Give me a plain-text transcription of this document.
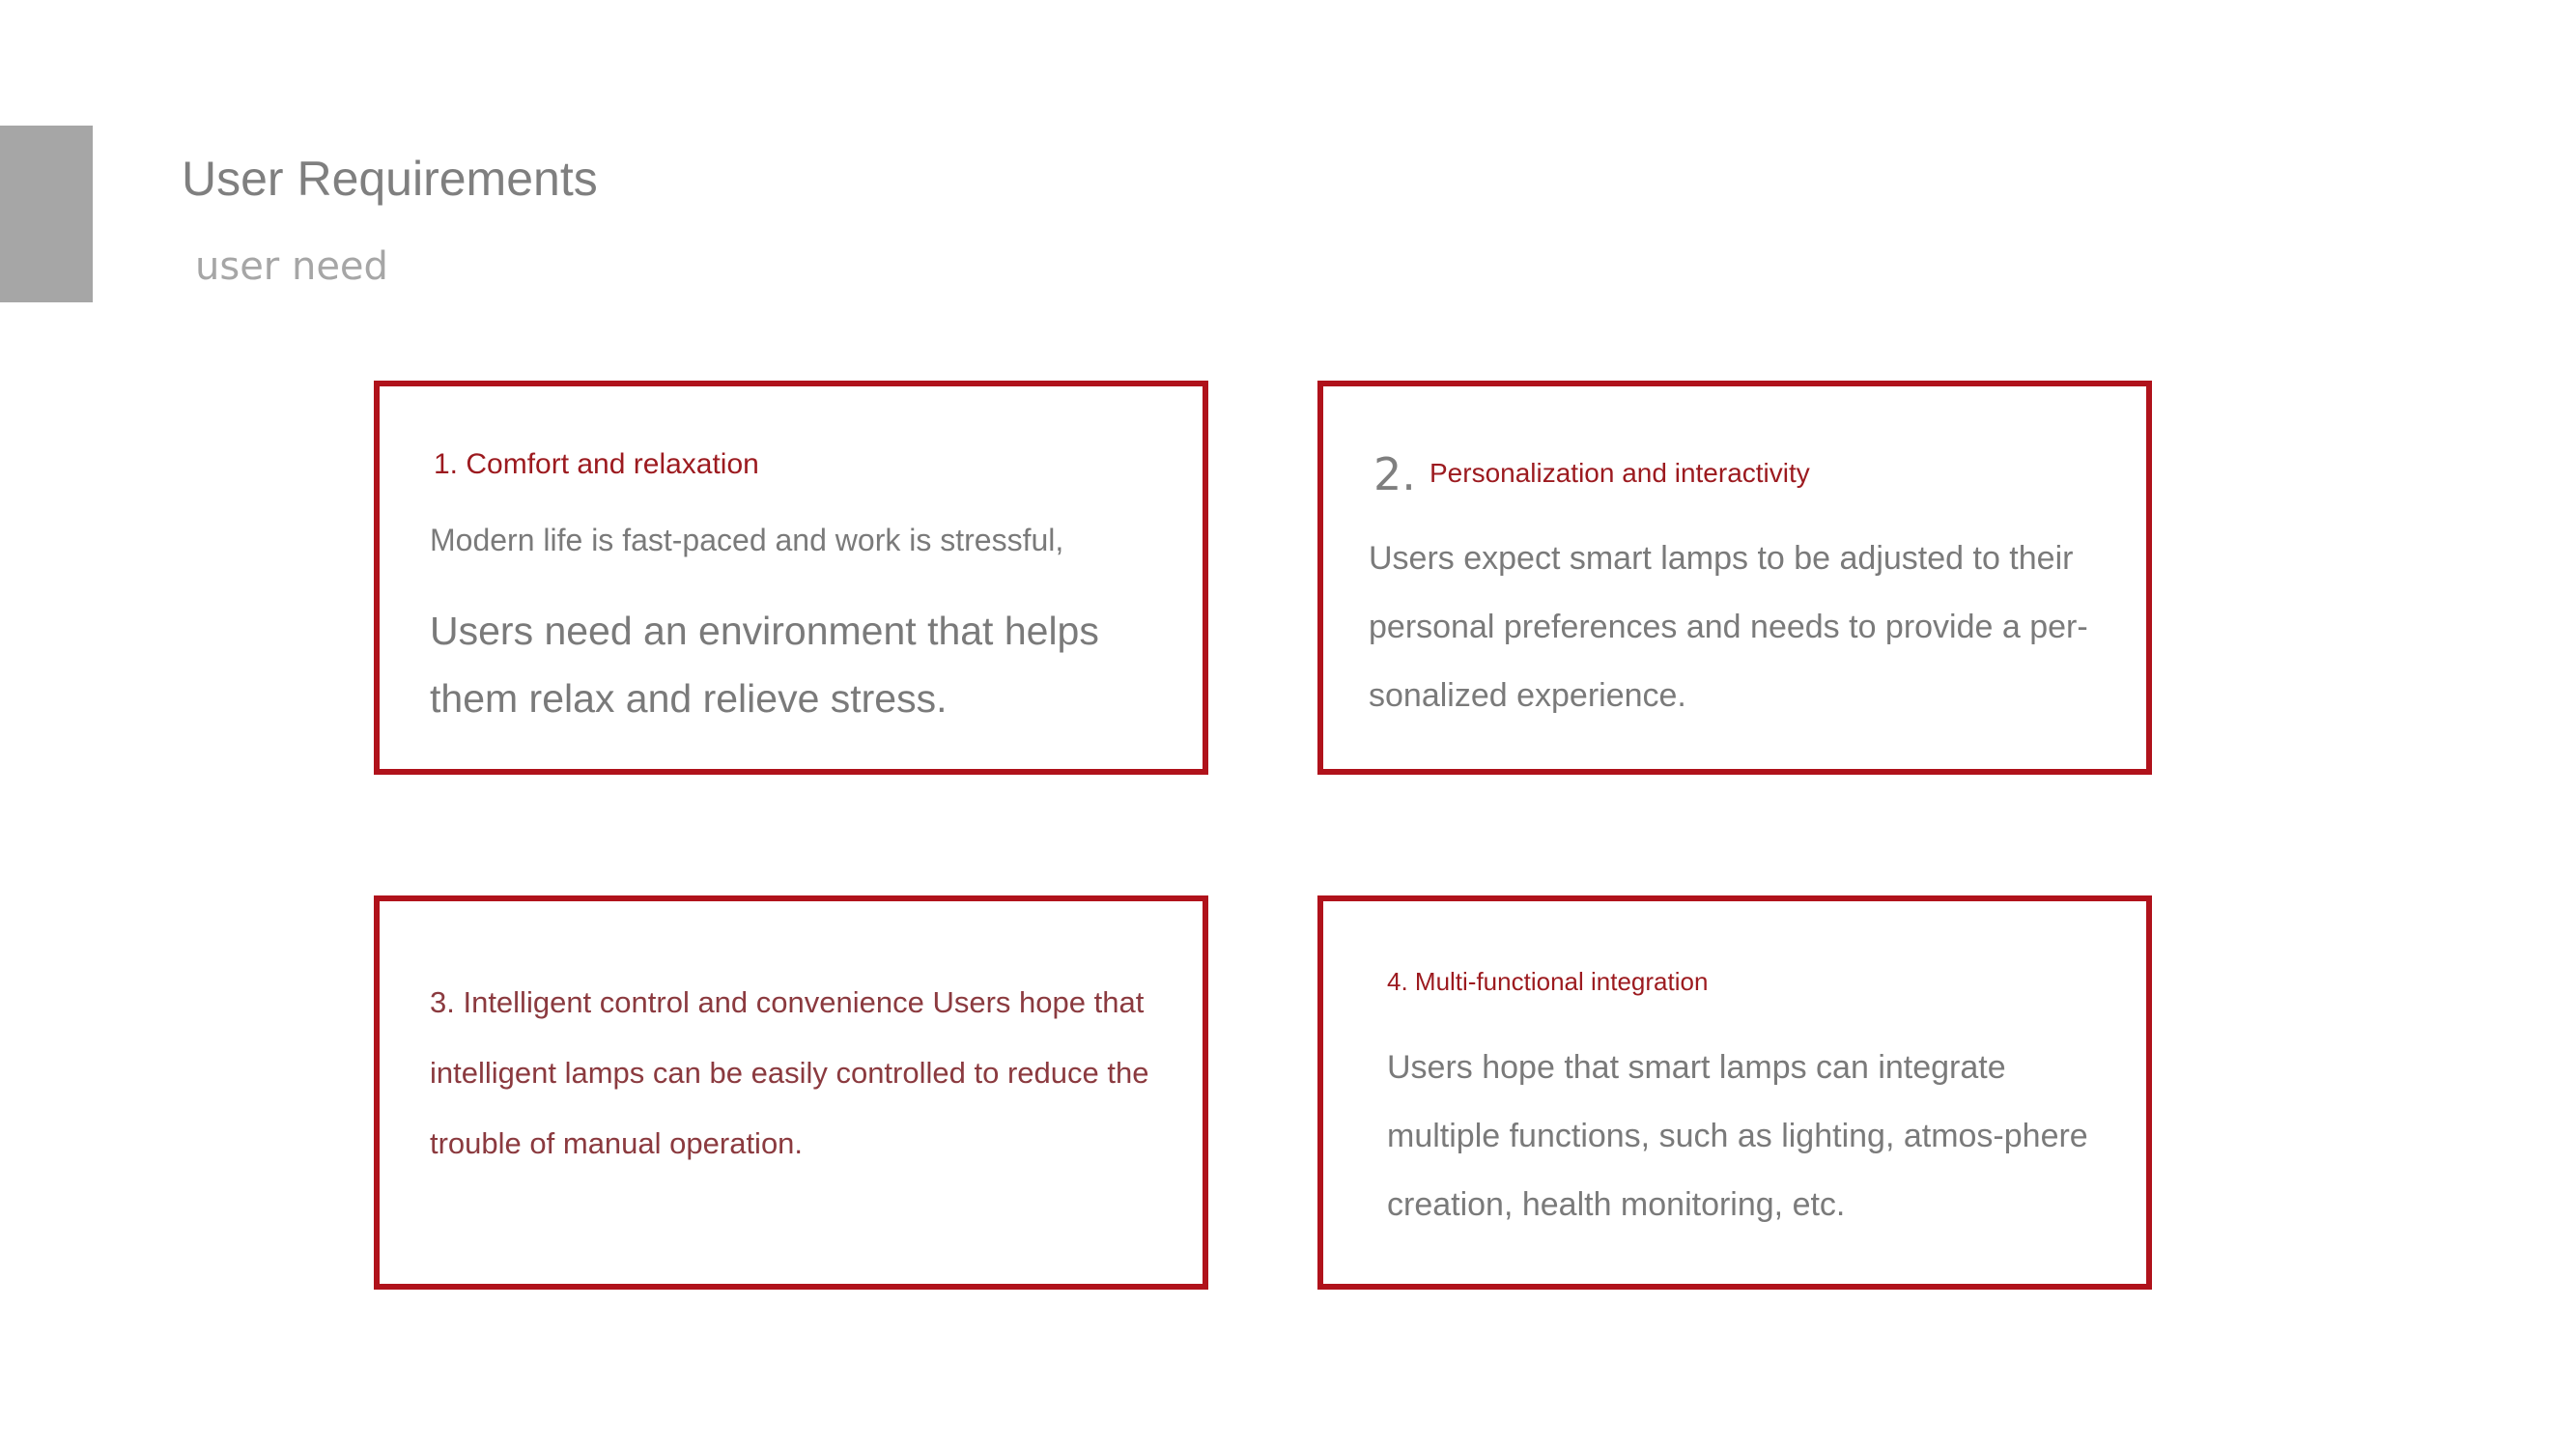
User Requirements
user need
1. Comfort and relaxation
Modern life is fast-paced and work is stressful,
Users need an environment that helps them relax and relieve stress.
2. Personalization and interactivity
Users expect smart lamps to be adjusted to their personal preferences and needs to provide a per-sonalized experience.
3. Intelligent control and convenience Users hope that intelligent lamps can be easily controlled to reduce the trouble of manual operation.
4. Multi-functional integration
Users hope that smart lamps can integrate multiple functions, such as lighting, atmos-phere creation, health monitoring, etc.
